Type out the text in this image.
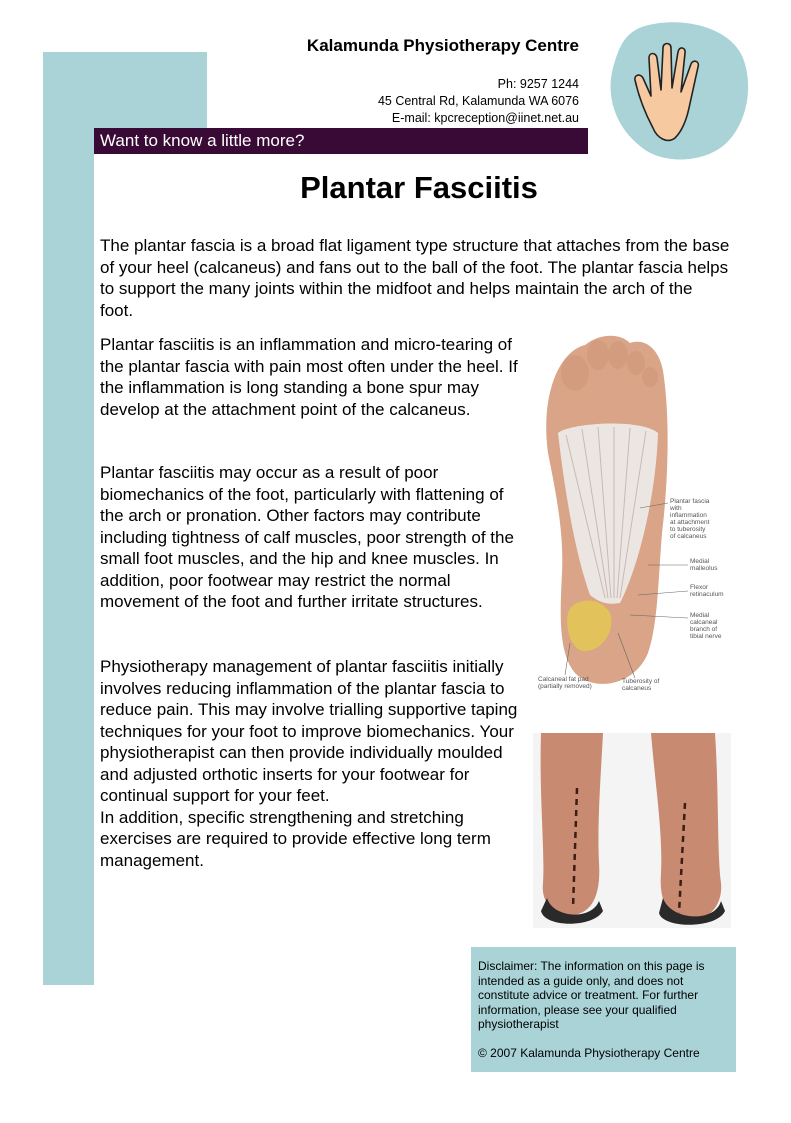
Kalamunda Physiotherapy Centre
Ph: 9257 1244
45 Central Rd, Kalamunda WA 6076
E-mail: kpcreception@iinet.net.au
Want to know a little more?
Plantar Fasciitis

The plantar fascia is a broad flat ligament type structure that attaches from the base of your heel (calcaneus) and fans out to the ball of the foot. The plantar fascia helps to support the many joints within the midfoot and helps maintain the arch of the foot.

Plantar fasciitis is an inflammation and micro-tearing of the plantar fascia with pain most often under the heel. If the inflammation is long standing a bone spur may develop at the attachment point of the calcaneus.

Plantar fasciitis may occur as a result of poor biomechanics of the foot, particularly with flattening of the arch or pronation. Other factors may contribute including tightness of calf muscles, poor strength of the small foot muscles, and the hip and knee muscles. In addition, poor footwear may restrict the normal movement of the foot and further irritate structures.

Physiotherapy management of plantar fasciitis initially involves reducing inflammation of the plantar fascia to reduce pain. This may involve trialling supportive taping techniques for your foot to improve biomechanics. Your physiotherapist can then provide individually moulded and adjusted orthotic inserts for your footwear for continual support for your feet.
In addition, specific strengthening and stretching exercises are required to provide effective long term management.

Plantar fascia with inflammation at attachment to tuberosity of calcaneus
Medial malleolus
Flexor retinaculum
Medial calcaneal branch of tibial nerve
Calcaneal fat pad (partially removed)
Tuberosity of calcaneus
Disclaimer: The information on this page is intended as a guide only, and does not constitute advice or treatment. For further information, please see your qualified physiotherapist
© 2007 Kalamunda Physiotherapy Centre
